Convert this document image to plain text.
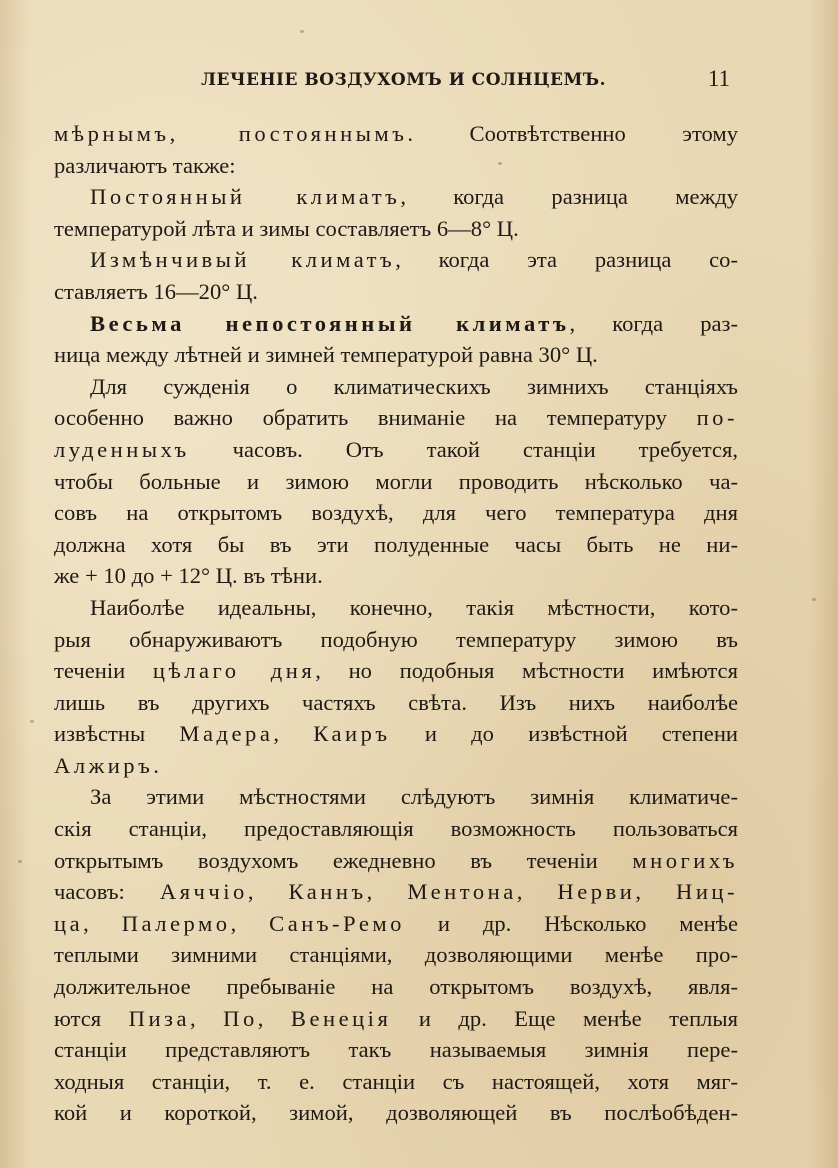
ЛЕЧЕНІЕ ВОЗДУХОМЪ И СОЛНЦЕМЪ.	11
мѣрнымъ, постояннымъ. Соотвѣтственно этому
различаютъ также:
Постоянный климатъ, когда разница между
температурой лѣта и зимы составляетъ 6—8° Ц.
Измѣнчивый климатъ, когда эта разница со-
ставляетъ 16—20° Ц.
Весьма непостоянный климатъ, когда раз-
ница между лѣтней и зимней температурой равна 30° Ц.
Для сужденія о климатическихъ зимнихъ станціяхъ
особенно важно обратить вниманіе на температуру по-
луденныхъ часовъ. Отъ такой станціи требуется,
чтобы больные и зимою могли проводить нѣсколько ча-
совъ на открытомъ воздухѣ, для чего температура дня
должна хотя бы въ эти полуденные часы быть не ни-
же + 10 до + 12° Ц. въ тѣни.
Наиболѣе идеальны, конечно, такія мѣстности, кото-
рыя обнаруживаютъ подобную температуру зимою въ
теченіи цѣлаго дня, но подобныя мѣстности имѣются
лишь въ другихъ частяхъ свѣта. Изъ нихъ наиболѣе
извѣстны Мадера, Каиръ и до извѣстной степени
Алжиръ.
За этими мѣстностями слѣдуютъ зимнія климатиче-
скія станціи, предоставляющія возможность пользоваться
открытымъ воздухомъ ежедневно въ теченіи многихъ
часовъ: Аяччіо, Каннъ, Ментона, Нерви, Ниц-
ца, Палермо, Санъ-Ремо и др. Нѣсколько менѣе
теплыми зимними станціями, дозволяющими менѣе про-
должительное пребываніе на открытомъ воздухѣ, явля-
ются Пиза, По, Венеція и др. Еще менѣе теплыя
станціи представляютъ такъ называемыя зимнія пере-
ходныя станціи, т. е. станціи съ настоящей, хотя мяг-
кой и короткой, зимой, дозволяющей въ послѣобѣден-
